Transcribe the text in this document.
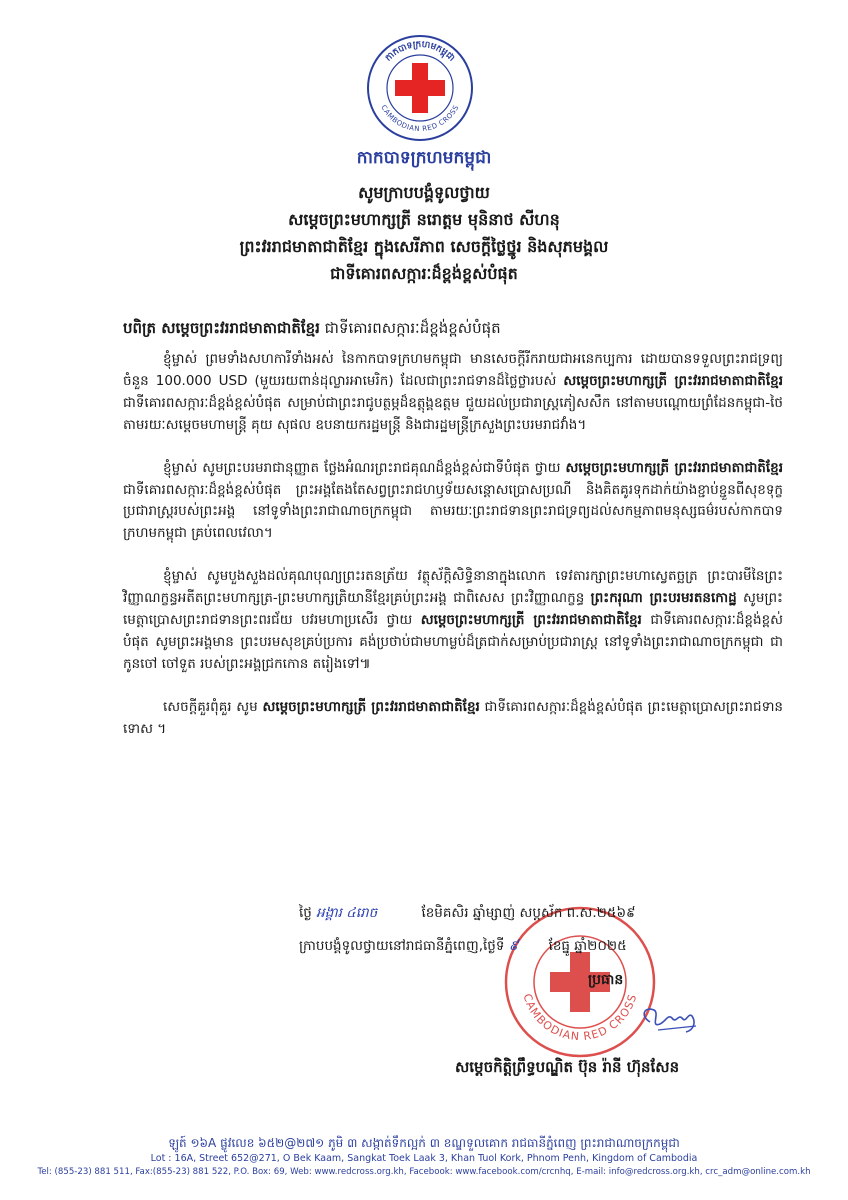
កាកបាទក្រហមកម្ពុជា
CAMBODIAN RED CROSS
កាកបាទក្រហមកម្ពុជា
សូមក្រាបបង្គំទូលថ្វាយ
សម្តេចព្រះមហាក្សត្រី នរោត្តម មុនិនាថ សីហនុ
ព្រះវររាជមាតាជាតិខ្មែរ ក្នុងសេរីភាព សេចក្តីថ្លៃថ្នូរ និងសុភមង្គល
ជាទីគោរពសក្ការៈដ៏ខ្ពង់ខ្ពស់បំផុត
បពិត្រ សម្តេចព្រះវររាជមាតាជាតិខ្មែរ ជាទីគោរពសក្ការៈដ៏ខ្ពង់ខ្ពស់បំផុត

ខ្ញុំម្ចាស់ ព្រមទាំងសហការីទាំងអស់ នៃកាកបាទក្រហមកម្ពុជា មានសេចក្តីរីករាយជាអនេកប្បការ ដោយបានទទួលព្រះរាជទ្រព្យ ចំនួន 100.000 USD (មួយរយពាន់ដុល្លារអាមេរិក) ដែលជាព្រះរាជទានដ៏ថ្លៃថ្លារបស់ សម្តេចព្រះមហាក្សត្រី ព្រះវររាជមាតាជាតិខ្មែរ ជាទីគោរពសក្ការៈដ៏ខ្ពង់ខ្ពស់បំផុត សម្រាប់ជាព្រះរាជូបត្ថម្ភដ៏ឧត្តុង្គឧត្តម ជួយដល់ប្រជារាស្ត្រភៀសសឹក នៅតាមបណ្តោយព្រំដែនកម្ពុជា-ថៃ តាមរយៈសម្តេចមហាមន្ត្រី គុយ សុផល ឧបនាយករដ្ឋមន្ត្រី និងជារដ្ឋមន្ត្រីក្រសួងព្រះបរមរាជវាំង។

ខ្ញុំម្ចាស់ សូមព្រះបរមរាជានុញ្ញាត ថ្លែងអំណរព្រះរាជគុណដ៏ខ្ពង់ខ្ពស់ជាទីបំផុត ថ្វាយ សម្តេចព្រះមហាក្សត្រី ព្រះវររាជមាតាជាតិខ្មែរ ជាទីគោរពសក្ការៈដ៏ខ្ពង់ខ្ពស់បំផុត ព្រះអង្គតែងតែសព្វព្រះរាជហឫទ័យសន្តោសប្រោសប្រណី និងគិតគូរទុកដាក់យ៉ាងខ្ជាប់ខ្ជួនពីសុខទុក្ខប្រជារាស្ត្ររបស់ព្រះអង្គ នៅទូទាំងព្រះរាជាណាចក្រកម្ពុជា តាមរយៈព្រះរាជទានព្រះរាជទ្រព្យដល់សកម្មភាពមនុស្សធម៌របស់កាកបាទក្រហមកម្ពុជា គ្រប់ពេលវេលា។

ខ្ញុំម្ចាស់ សូមបួងសួងដល់គុណបុណ្យព្រះរតនត្រ័យ វត្ថុស័ក្តិសិទ្ធិនានាក្នុងលោក ទេវតារក្សាព្រះមហាស្វេតច្ឆត្រ ព្រះបារមីនៃព្រះវិញ្ញាណក្ខន្ធអតីតព្រះមហាក្សត្រ-ព្រះមហាក្សត្រិយានីខ្មែរគ្រប់ព្រះអង្គ ជាពិសេស ព្រះវិញ្ញាណក្ខន្ធ ព្រះករុណា ព្រះបរមរតនកោដ្ឋ សូមព្រះមេត្តាប្រោសព្រះរាជទានព្រះពរជ័យ បវរមហាប្រសើរ ថ្វាយ សម្តេចព្រះមហាក្សត្រី ព្រះវររាជមាតាជាតិខ្មែរ ជាទីគោរពសក្ការៈដ៏ខ្ពង់ខ្ពស់បំផុត សូមព្រះអង្គមាន ព្រះបរមសុខគ្រប់ប្រការ គង់ប្រថាប់ជាមហាម្លប់ដ៏ត្រជាក់សម្រាប់ប្រជារាស្ត្រ នៅទូទាំងព្រះរាជាណាចក្រកម្ពុជា ជាកូនចៅ ចៅទួត របស់ព្រះអង្គជ្រកកោន តរៀងទៅ៕

សេចក្តីគួរពុំគួរ សូម សម្តេចព្រះមហាក្សត្រី ព្រះវររាជមាតាជាតិខ្មែរ ជាទីគោរពសក្ការៈដ៏ខ្ពង់ខ្ពស់បំផុត ព្រះមេត្តាប្រោសព្រះរាជទានទោស ។

CAMBODIAN RED CROSS
ថ្ងៃ អង្គារ ៤រោច	ខែមិគសិរ ឆ្នាំម្សាញ់ សប្តស័ក ព.ស.២៥៦៩
ក្រាបបង្គំទូលថ្វាយនៅរាជធានីភ្នំពេញ,ថ្ងៃទី ៩ ខែធ្នូ ឆ្នាំ២០២៥
ប្រធាន
សម្តេចកិត្តិព្រឹទ្ធបណ្ឌិត ប៊ុន រ៉ានី ហ៊ុនសែន
ឡូត៍ ១៦A ផ្លូវលេខ ៦៥២@២៧១ ភូមិ ៣ សង្កាត់ទឹកល្អក់ ៣ ខណ្ឌទួលគោក រាជធានីភ្នំពេញ ព្រះរាជាណាចក្រកម្ពុជា
Lot : 16A, Street 652@271, O Bek Kaam, Sangkat Toek Laak 3, Khan Tuol Kork, Phnom Penh, Kingdom of Cambodia
Tel: (855-23) 881 511, Fax:(855-23) 881 522, P.O. Box: 69, Web: www.redcross.org.kh, Facebook: www.facebook.com/crcnhq, E-mail: info@redcross.org.kh, crc_adm@online.com.kh
